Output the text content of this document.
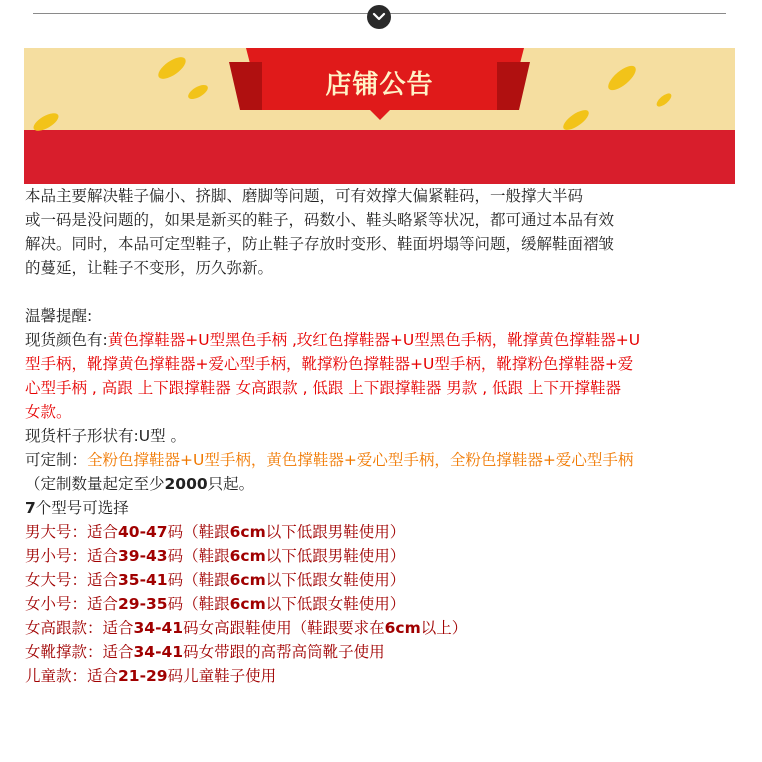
店铺公告

本品主要解决鞋子偏小、挤脚、磨脚等问题，可有效撑大偏紧鞋码，一般撑大半码

或一码是没问题的，如果是新买的鞋子，码数小、鞋头略紧等状况，都可通过本品有效

解决。同时，本品可定型鞋子，防止鞋子存放时变形、鞋面坍塌等问题，缓解鞋面褶皱

的蔓延，让鞋子不变形，历久弥新。

温馨提醒:

现货颜色有:黄色撑鞋器+U型黑色手柄 ,玫红色撑鞋器+U型黑色手柄，靴撑黄色撑鞋器+U

型手柄，靴撑黄色撑鞋器+爱心型手柄，靴撑粉色撑鞋器+U型手柄，靴撑粉色撑鞋器+爱

心型手柄 , 高跟 上下跟撑鞋器 女高跟款 , 低跟 上下跟撑鞋器 男款 , 低跟 上下开撑鞋器

女款。

现货杆子形状有:U型 。

可定制：全粉色撑鞋器+U型手柄，黄色撑鞋器+爱心型手柄，全粉色撑鞋器+爱心型手柄

（定制数量起定至少2000只起。

7个型号可选择

男大号：适合40-47码（鞋跟6cm以下低跟男鞋使用）

男小号：适合39-43码（鞋跟6cm以下低跟男鞋使用）

女大号：适合35-41码（鞋跟6cm以下低跟女鞋使用）

女小号：适合29-35码（鞋跟6cm以下低跟女鞋使用）

女高跟款：适合34-41码女高跟鞋使用（鞋跟要求在6cm以上）

女靴撑款：适合34-41码女带跟的高帮高筒靴子使用

儿童款：适合21-29码儿童鞋子使用
